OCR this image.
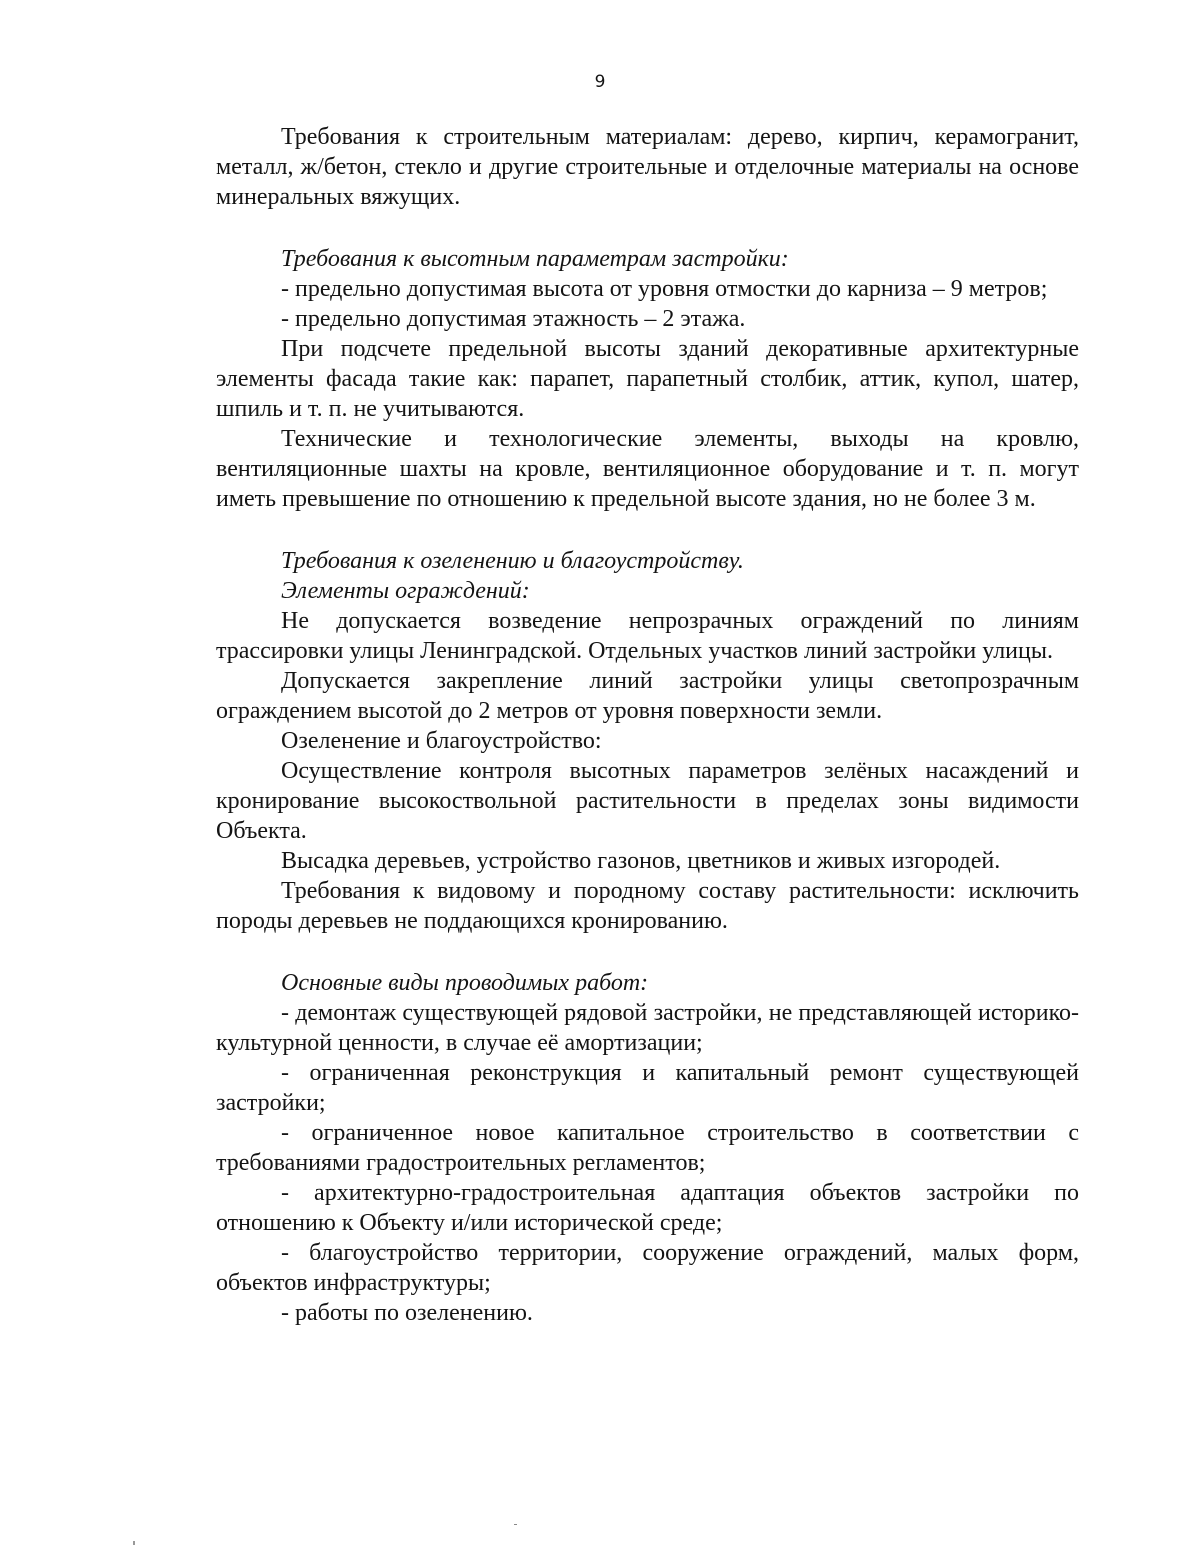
9

Требования к строительным материалам: дерево, кирпич, керамогранит, металл, ж/бетон, стекло и другие строительные и отделочные материалы на основе минеральных вяжущих.

Требования к высотным параметрам застройки:

- предельно допустимая высота от уровня отмостки до карниза – 9 метров;

- предельно допустимая этажность – 2 этажа.

При подсчете предельной высоты зданий декоративные архитектурные элементы фасада такие как: парапет, парапетный столбик, аттик, купол, шатер, шпиль и т. п. не учитываются.

Технические и технологические элементы, выходы на кровлю, вентиляционные шахты на кровле, вентиляционное оборудование и т. п. могут иметь превышение по отношению к предельной высоте здания, но не более 3 м.

Требования к озеленению и благоустройству.

Элементы ограждений:

Не допускается возведение непрозрачных ограждений по линиям трассировки улицы Ленинградской. Отдельных участков линий застройки улицы.

Допускается закрепление линий застройки улицы светопрозрачным ограждением высотой до 2 метров от уровня поверхности земли.

Озеленение и благоустройство:

Осуществление контроля высотных параметров зелёных насаждений и кронирование высокоствольной растительности в пределах зоны видимости Объекта.

Высадка деревьев, устройство газонов, цветников и живых изгородей.

Требования к видовому и породному составу растительности: исключить породы деревьев не поддающихся кронированию.

Основные виды проводимых работ:

- демонтаж существующей рядовой застройки, не представляющей историко-культурной ценности, в случае её амортизации;

- ограниченная реконструкция и капитальный ремонт существующей застройки;

- ограниченное новое капитальное строительство в соответствии с требованиями градостроительных регламентов;

- архитектурно-градостроительная адаптация объектов застройки по отношению к Объекту и/или исторической среде;

- благоустройство территории, сооружение ограждений, малых форм, объектов инфраструктуры;

- работы по озеленению.
